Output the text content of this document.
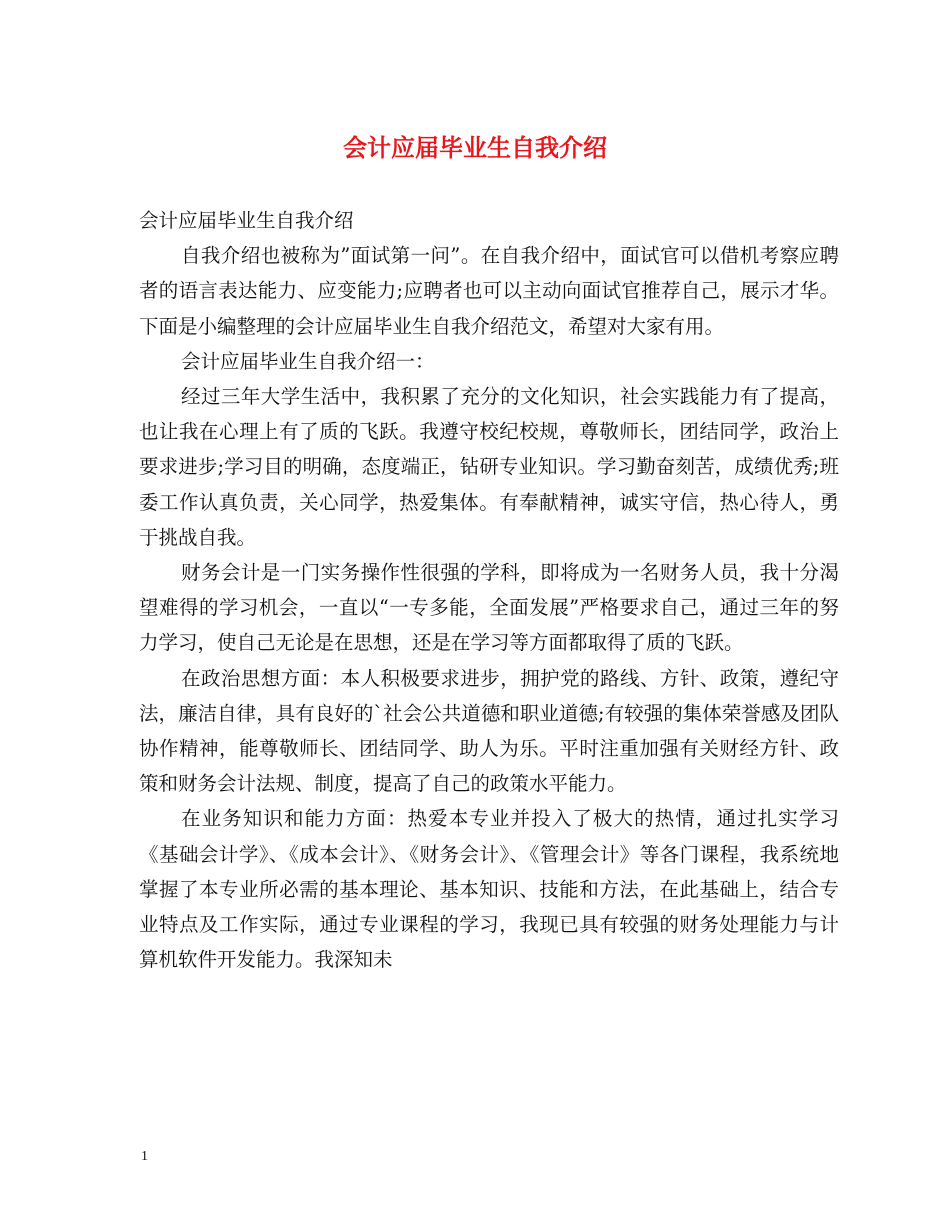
会计应届毕业生自我介绍

会计应届毕业生自我介绍

自我介绍也被称为”面试第一问”。在自我介绍中，面试官可以借机考察应聘者的语言表达能力、应变能力;应聘者也可以主动向面试官推荐自己，展示才华。下面是小编整理的会计应届毕业生自我介绍范文，希望对大家有用。

会计应届毕业生自我介绍一：

经过三年大学生活中，我积累了充分的文化知识，社会实践能力有了提高，也让我在心理上有了质的飞跃。我遵守校纪校规，尊敬师长，团结同学，政治上要求进步;学习目的明确，态度端正，钻研专业知识。学习勤奋刻苦，成绩优秀;班委工作认真负责，关心同学，热爱集体。有奉献精神，诚实守信，热心待人，勇于挑战自我。

财务会计是一门实务操作性很强的学科，即将成为一名财务人员，我十分渴望难得的学习机会，一直以“一专多能，全面发展”严格要求自己，通过三年的努力学习，使自己无论是在思想，还是在学习等方面都取得了质的飞跃。

在政治思想方面：本人积极要求进步，拥护党的路线、方针、政策，遵纪守法，廉洁自律，具有良好的`社会公共道德和职业道德;有较强的集体荣誉感及团队协作精神，能尊敬师长、团结同学、助人为乐。平时注重加强有关财经方针、政策和财务会计法规、制度，提高了自己的政策水平能力。

在业务知识和能力方面：热爱本专业并投入了极大的热情，通过扎实学习《基础会计学》、《成本会计》、《财务会计》、《管理会计》等各门课程，我系统地掌握了本专业所必需的基本理论、基本知识、技能和方法，在此基础上，结合专业特点及工作实际，通过专业课程的学习，我现已具有较强的财务处理能力与计算机软件开发能力。我深知未

1
